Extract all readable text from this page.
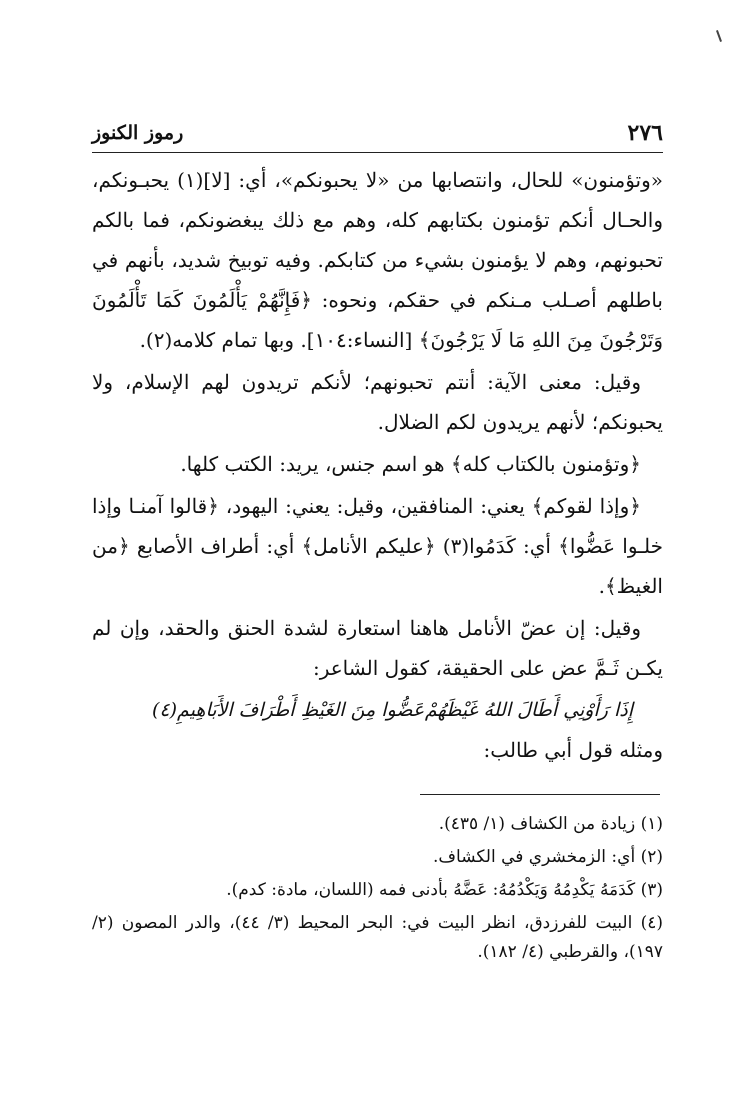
٢٧٦
رموز الكنوز

«وتؤمنون» للحال، وانتصابها من «لا يحبونكم»، أي: [لا](١) يحبـونكم، والحـال أنكم تؤمنون بكتابهم كله، وهم مع ذلك يبغضونكم، فما بالكم تحبونهم، وهم لا يؤمنون بشيء من كتابكم. وفيه توبيخ شديد، بأنهم في باطلهم أصـلب مـنكم في حقكم، ونحوه: ﴿فَإِنَّهُمْ يَأْلَمُونَ كَمَا تَأْلَمُونَ وَتَرْجُونَ مِنَ اللهِ مَا لَا يَرْجُونَ﴾ [النساء:١٠٤]. وبها تمام كلامه(٢).

وقيل: معنى الآية: أنتم تحبونهم؛ لأنكم تريدون لهم الإسلام، ولا يحبونكم؛ لأنهم يريدون لكم الضلال.

﴿وتؤمنون بالكتاب كله﴾ هو اسم جنس، يريد: الكتب كلها.

﴿وإذا لقوكم﴾ يعني: المنافقين، وقيل: يعني: اليهود، ﴿قالوا آمنـا وإذا خلـوا عَضُّوا﴾ أي: كَدَمُوا(٣) ﴿عليكم الأنامل﴾ أي: أطراف الأصابع ﴿من الغيظ﴾.

وقيل: إن عضّ الأنامل هاهنا استعارة لشدة الحنق والحقد، وإن لم يكـن ثَـمَّ عض على الحقيقة، كقول الشاعر:

إِذَا رَأَوْنِي أَطَالَ اللهُ غَيْظَهُمْ
عَضُّوا مِنَ الغَيْظِ أَطْرَافَ الأَبَاهِيمِ(٤)

ومثله قول أبي طالب:

(١) زيادة من الكشاف (١/ ٤٣٥).

(٢) أي: الزمخشري في الكشاف.

(٣) كَدَمَهُ يَكْدِمُهُ وَيَكْدُمُهُ: عَضَّهُ بأدنى فمه (اللسان، مادة: كدم).

(٤) البيت للفرزدق، انظر البيت في: البحر المحيط (٣/ ٤٤)، والدر المصون (٢/ ١٩٧)، والقرطبي (٤/ ١٨٢).
